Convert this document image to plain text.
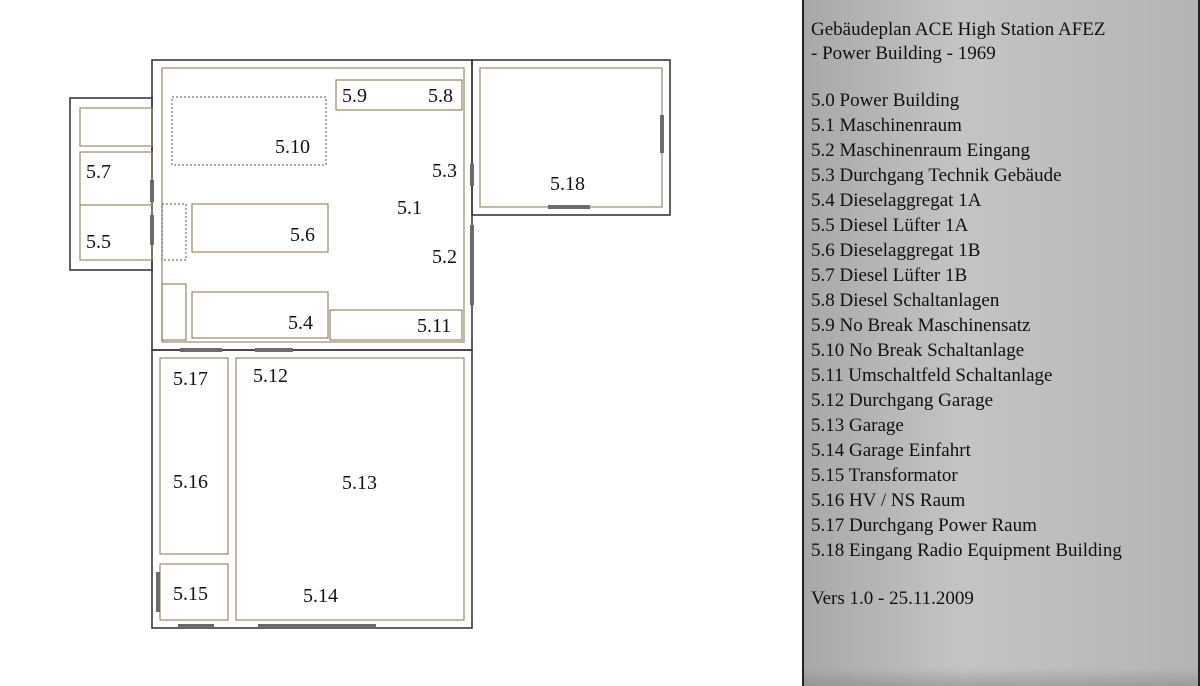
5.1
5.2
5.3
5.4
5.5	5.6
5.7
5.8
5.9
5.10
5.11
5.12
5.13
5.14
5.15
5.16
5.17
5.18

Gebäudeplan ACE High Station AFEZ

- Power Building - 1969

5.0 Power Building
5.1 Maschinenraum
5.2 Maschinenraum Eingang
5.3 Durchgang Technik Gebäude
5.4 Dieselaggregat 1A
5.5 Diesel Lüfter 1A
5.6 Dieselaggregat 1B
5.7 Diesel Lüfter 1B
5.8 Diesel Schaltanlagen
5.9 No Break Maschinensatz
5.10 No Break Schaltanlage
5.11 Umschaltfeld Schaltanlage
5.12 Durchgang Garage
5.13 Garage
5.14 Garage Einfahrt
5.15 Transformator
5.16 HV / NS Raum
5.17 Durchgang Power Raum
5.18 Eingang Radio Equipment Building
Vers 1.0 - 25.11.2009
